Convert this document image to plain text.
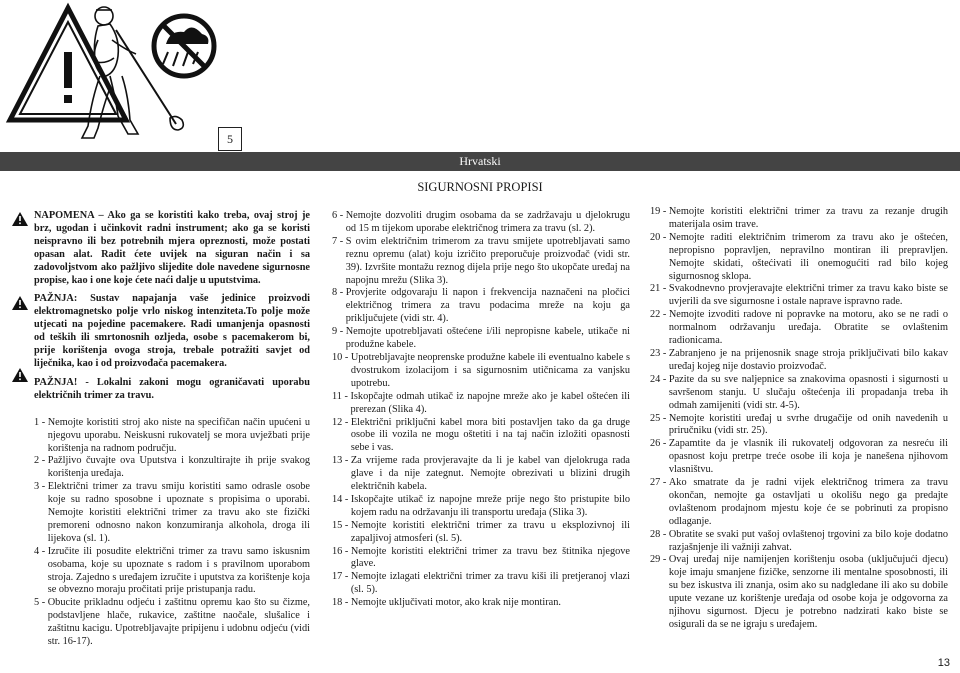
5
Hrvatski
SIGURNOSNI PROPISI
NAPOMENA – Ako ga se koristiti kako treba, ovaj stroj je brz, ugodan i učinkovit radni instrument; ako ga se koristi neispravno ili bez potrebnih mjera opreznosti, može postati opasan alat. Radit ćete uvijek na siguran način i sa zadovoljstvom ako pažljivo slijedite dole navedene sigurnosne propise, kao i one koje ćete naći dalje u uputstvima.
PAŽNJA: Sustav napajanja vaše jedinice proizvodi elektromagnetsko polje vrlo niskog intenziteta.To polje može utjecati na pojedine pacemakere. Radi umanjenja opasnosti od teških ili smrtonosnih ozljeda, osobe s pacemakerom bi, prije korištenja ovoga stroja, trebale potražiti savjet od liječnika, kao i od proizvođača pacemakera.
PAŽNJA! - Lokalni zakoni mogu ograničavati uporabu električnih trimer za travu.
1 - Nemojte koristiti stroj ako niste na specifičan način upućeni u njegovu uporabu. Neiskusni rukovatelj se mora uvježbati prije korištenja na radnom području.
2 - Pažljivo čuvajte ova Uputstva i konzultirajte ih prije svakog korištenja uređaja.
3 - Električni trimer za travu smiju koristiti samo odrasle osobe koje su radno sposobne i upoznate s propisima o uporabi. Nemojte koristiti električni trimer za travu ako ste fizički premoreni odnosno nakon konzumiranja alkohola, droga ili lijekova (sl. 1).
4 - Izručite ili posudite električni trimer za travu samo iskusnim osobama, koje su upoznate s radom i s pravilnom uporabom stroja. Zajedno s uređajem izručite i uputstva za korištenje koja se obvezno moraju pročitati prije pristupanja radu.
5 - Obucite prikladnu odjeću i zaštitnu opremu kao što su čizme, podstavljene hlače, rukavice, zaštitne naočale, slušalice i zaštitnu kacigu. Upotrebljavajte pripijenu i udobnu odjeću (vidi str. 16-17).
6 - Nemojte dozvoliti drugim osobama da se zadržavaju u djelokrugu od 15 m tijekom uporabe električnog trimera za travu (sl. 2).
7 - S ovim električnim trimerom za travu smijete upotrebljavati samo reznu opremu (alat) koju izričito preporučuje proizvođač (vidi str. 39). Izvršite montažu reznog dijela prije nego što ukopčate uređaj na napojnu mrežu (Slika 3).
8 - Provjerite odgovaraju li napon i frekvencija naznačeni na pločici električnog trimera za travu podacima mreže na koju ga priključujete (vidi str. 4).
9 - Nemojte upotrebljavati oštećene i/ili nepropisne kabele, utikače ni produžne kabele.
10 - Upotrebljavajte neoprenske produžne kabele ili eventualno kabele s dvostrukom izolacijom i sa sigurnosnim utičnicama za vanjsku upotrebu.
11 - Iskopčajte odmah utikač iz napojne mreže ako je kabel oštećen ili prerezan (Slika 4).
12 - Električni priključni kabel mora biti postavljen tako da ga druge osobe ili vozila ne mogu oštetiti i na taj način izložiti opasnosti sebe i vas.
13 - Za vrijeme rada provjeravajte da li je kabel van djelokruga rada glave i da nije zategnut. Nemojte obrezivati u blizini drugih električnih kabela.
14 - Iskopčajte utikač iz napojne mreže prije nego što pristupite bilo kojem radu na održavanju ili transportu uređaja (Slika 3).
15 - Nemojte koristiti električni trimer za travu u eksplozivnoj ili zapaljivoj atmosferi (sl. 5).
16 - Nemojte koristiti električni trimer za travu bez štitnika njegove glave.
17 - Nemojte izlagati električni trimer za travu kiši ili pretjeranoj vlazi (sl. 5).
18 - Nemojte uključivati motor, ako krak nije montiran.
19 - Nemojte koristiti električni trimer za travu za rezanje drugih materijala osim trave.
20 - Nemojte raditi električnim trimerom za travu ako je oštećen, nepropisno popravljen, nepravilno montiran ili prepravljen. Nemojte skidati, oštećivati ili onemogućiti rad bilo kojeg sigurnosnog sklopa.
21 - Svakodnevno provjeravajte električni trimer za travu kako biste se uvjerili da sve sigurnosne i ostale naprave ispravno rade.
22 - Nemojte izvoditi radove ni popravke na motoru, ako se ne radi o normalnom održavanju uređaja. Obratite se ovlaštenim radionicama.
23 - Zabranjeno je na prijenosnik snage stroja priključivati bilo kakav uređaj kojeg nije dostavio proizvođač.
24 - Pazite da su sve naljepnice sa znakovima opasnosti i sigurnosti u savršenom stanju. U slučaju oštećenja ili propadanja treba ih odmah zamijeniti (vidi str. 4-5).
25 - Nemojte koristiti uređaj u svrhe drugačije od onih navedenih u priručniku (vidi str. 25).
26 - Zapamtite da je vlasnik ili rukovatelj odgovoran za nesreću ili opasnost koju pretrpe treće osobe ili koja je nanešena njihovom vlasništvu.
27 - Ako smatrate da je radni vijek električnog trimera za travu okončan, nemojte ga ostavljati u okolišu nego ga predajte ovlaštenom prodajnom mjestu koje će se pobrinuti za propisno odlaganje.
28 - Obratite se svaki put vašoj ovlaštenoj trgovini za bilo koje dodatno razjašnjenje ili važniji zahvat.
29 - Ovaj uređaj nije namijenjen korištenju osoba (uključujući djecu) koje imaju smanjene fizičke, senzorne ili mentalne sposobnosti, ili su bez iskustva ili znanja, osim ako su nadgledane ili ako su dobile upute vezane uz korištenje uređaja od osobe koja je odgovorna za njihovu sigurnost. Djecu je potrebno nadzirati kako biste se osigurali da se ne igraju s uređajem.
13
